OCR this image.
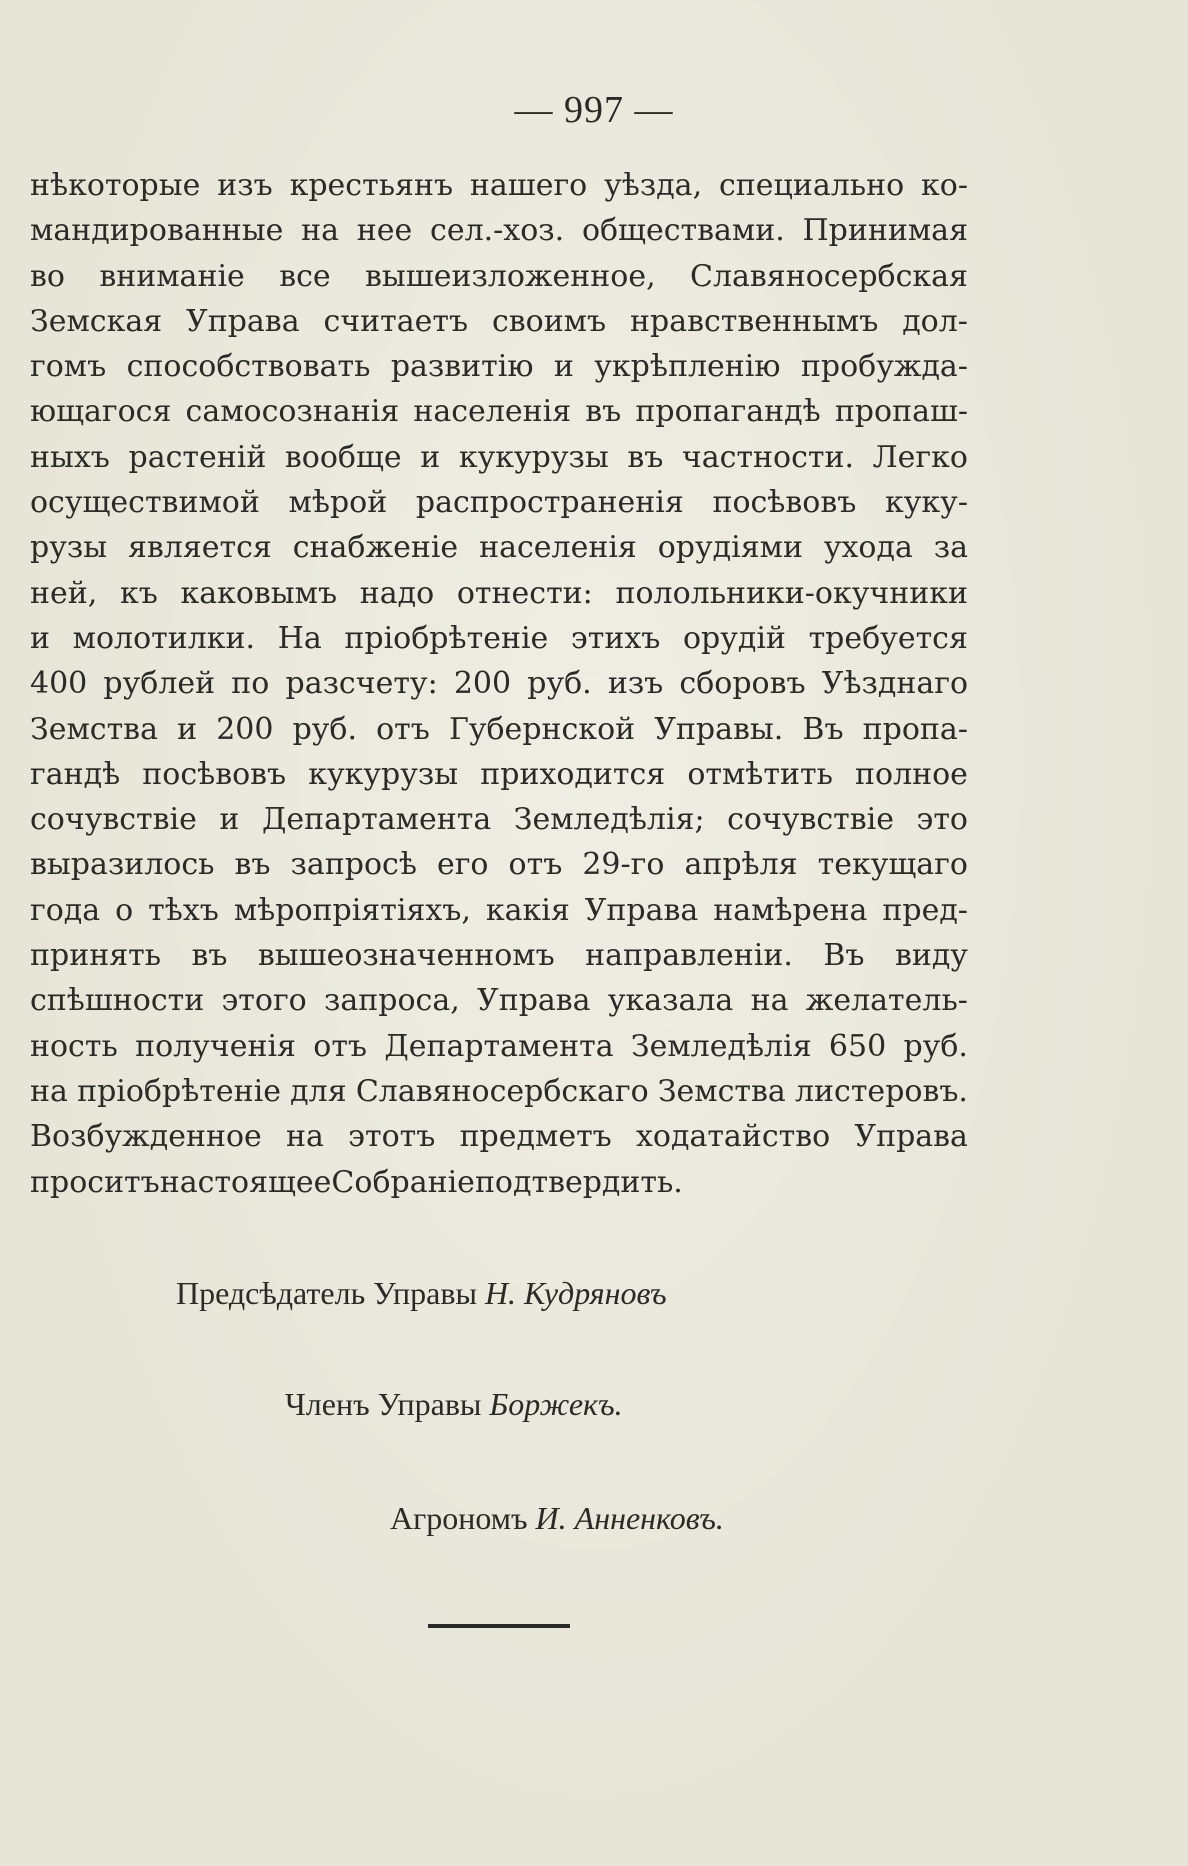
— 997 —
нѣкоторые изъ крестьянъ нашего уѣзда, специально ко-
мандированные на нее сел.-хоз. обществами. Принимая
во вниманіе все вышеизложенное, Славяносербская
Земская Управа считаетъ своимъ нравственнымъ дол-
гомъ способствовать развитію и укрѣпленію пробужда-
ющагося самосознанія населенія въ пропагандѣ пропаш-
ныхъ растеній вообще и кукурузы въ частности. Легко
осуществимой мѣрой распространенія посѣвовъ куку-
рузы является снабженіе населенія орудіями ухода за
ней, къ каковымъ надо отнести: полольники-окучники
и молотилки. На пріобрѣтеніе этихъ орудій требуется
400 рублей по разсчету: 200 руб. изъ сборовъ Уѣзднаго
Земства и 200 руб. отъ Губернской Управы. Въ пропа-
гандѣ посѣвовъ кукурузы приходится отмѣтить полное
сочувствіе и Департамента Земледѣлія; сочувствіе это
выразилось въ запросѣ его отъ 29-го апрѣля текущаго
года о тѣхъ мѣропріятіяхъ, какія Управа намѣрена пред-
принять въ вышеозначенномъ направленіи. Въ виду
спѣшности этого запроса, Управа указала на желатель-
ность полученія отъ Департамента Земледѣлія 650 руб.
на пріобрѣтеніе для Славяносербскаго Земства листеровъ.
Возбужденное на этотъ предметъ ходатайство Управа
проситъ настоящее Собраніе подтвердить.
Предсѣдатель Управы Н. Кудряновъ
Членъ Управы Боржекъ.
Агрономъ И. Анненковъ.
